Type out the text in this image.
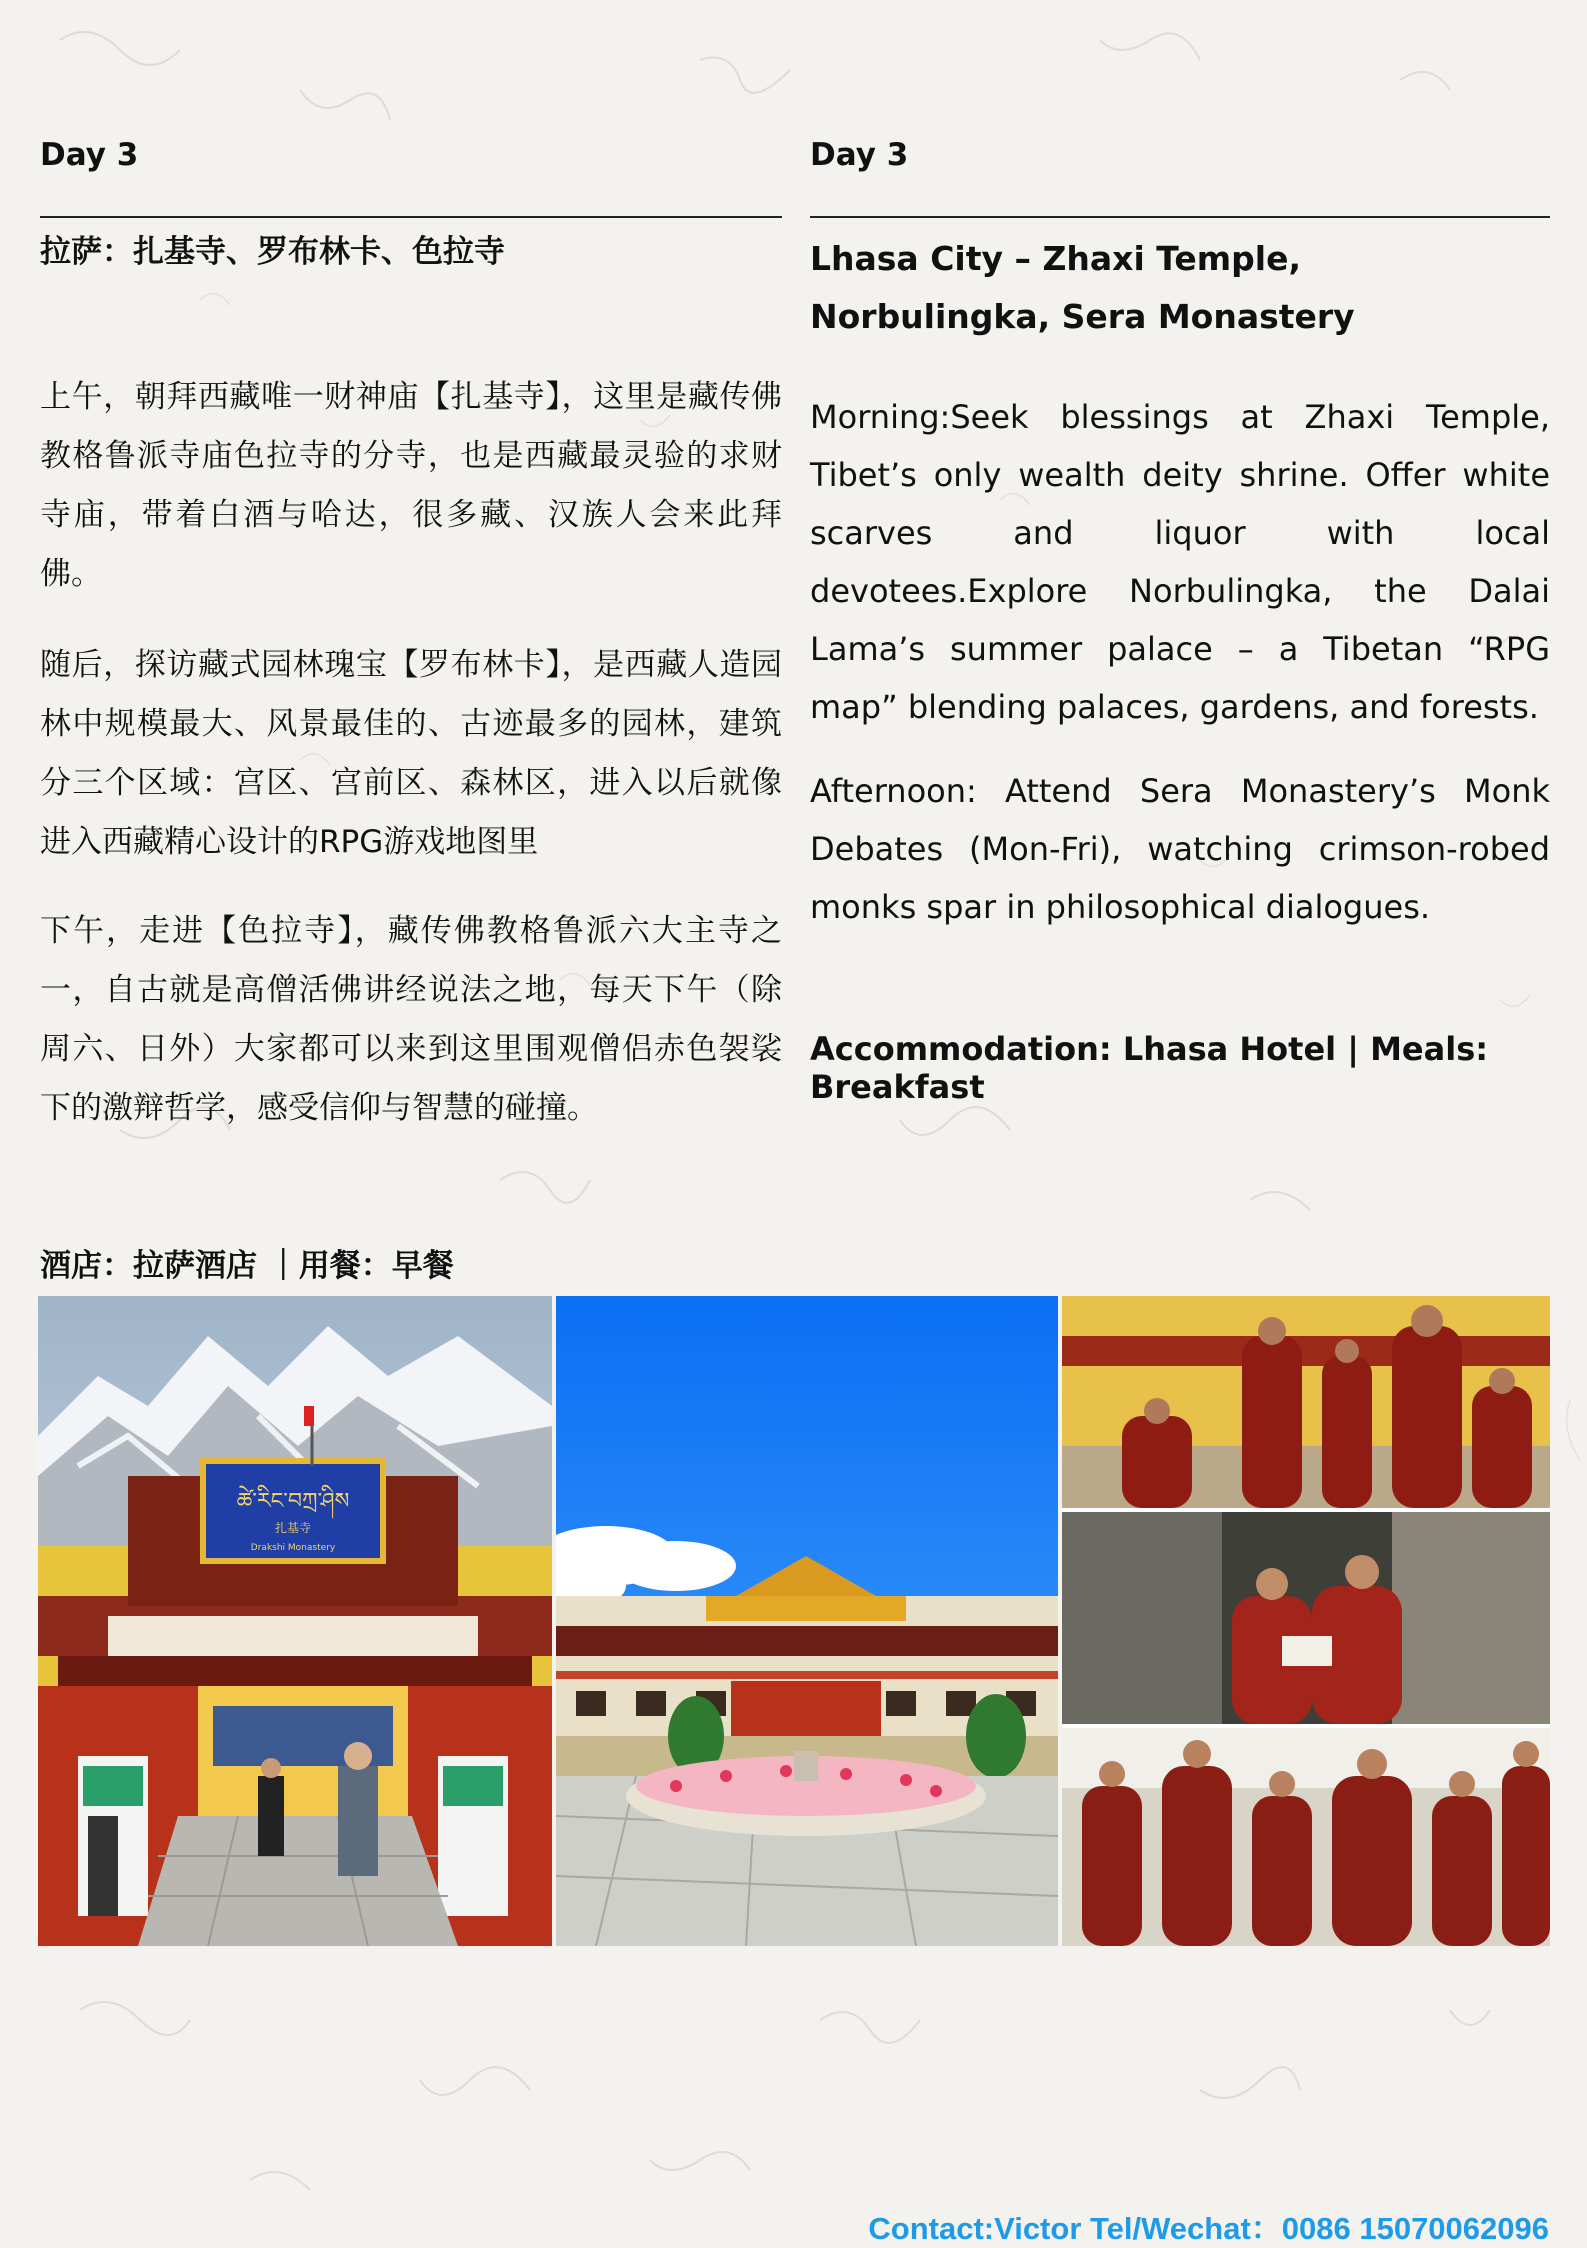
Day 3
拉萨：扎基寺、罗布林卡、色拉寺

上午，朝拜西藏唯一财神庙【扎基寺】，这里是藏传佛教格鲁派寺庙色拉寺的分寺，也是西藏最灵验的求财寺庙，带着白酒与哈达，很多藏、汉族人会来此拜佛。

随后，探访藏式园林瑰宝【罗布林卡】，是西藏人造园林中规模最大、风景最佳的、古迹最多的园林，建筑分三个区域：宫区、宫前区、森林区，进入以后就像进入西藏精心设计的RPG游戏地图里

下午，走进【色拉寺】，藏传佛教格鲁派六大主寺之一，自古就是高僧活佛讲经说法之地，每天下午（除周六、日外）大家都可以来到这里围观僧侣赤色袈裟下的激辩哲学，感受信仰与智慧的碰撞。

酒店：拉萨酒店 ｜用餐：早餐
Day 3
Lhasa City – Zhaxi Temple, Norbulingka, Sera Monastery

Morning:Seek blessings at Zhaxi Temple, Tibet’s only wealth deity shrine. Offer white scarves and liquor with local devotees.Explore Norbulingka, the Dalai Lama’s summer palace – a Tibetan “RPG map” blending palaces, gardens, and forests.

Afternoon: Attend Sera Monastery’s Monk Debates (Mon-Fri), watching crimson-robed monks spar in philosophical dialogues.

Accommodation: Lhasa Hotel | Meals: Breakfast
ཚེ་རིང་བཀྲ་ཤིས
扎基寺
Drakshi Monastery
Contact:Victor Tel/Wechat：0086 15070062096
